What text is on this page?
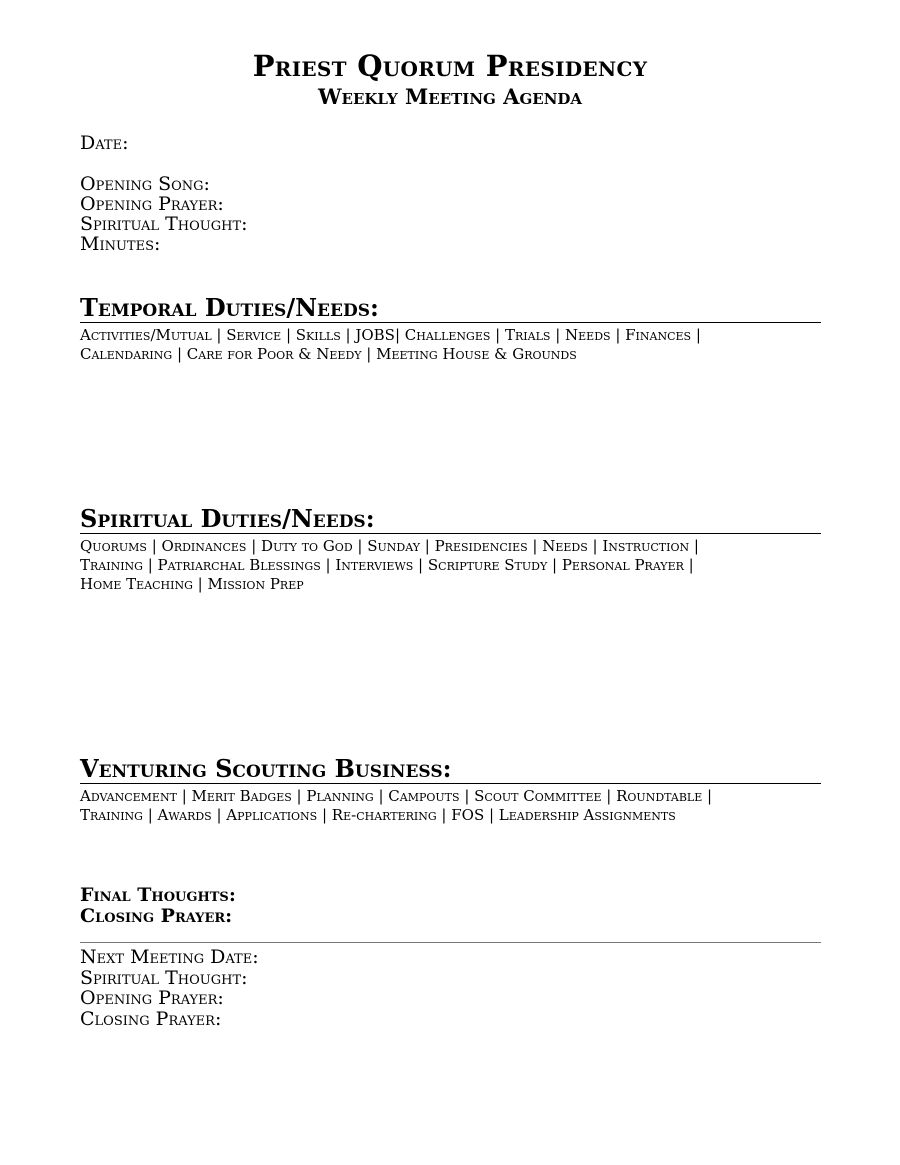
Priest Quorum Presidency
Weekly Meeting Agenda
Date:
Opening Song:
Opening Prayer:
Spiritual Thought:
Minutes:
Temporal Duties/Needs:
Activities/Mutual | Service | Skills | JOBS| Challenges | Trials | Needs | Finances |
Calendaring | Care for Poor & Needy | Meeting House & Grounds
Spiritual Duties/Needs:
Quorums | Ordinances | Duty to God | Sunday | Presidencies | Needs | Instruction |
Training | Patriarchal Blessings | Interviews | Scripture Study | Personal Prayer |
Home Teaching | Mission Prep
Venturing Scouting Business:
Advancement | Merit Badges | Planning | Campouts | Scout Committee | Roundtable |
Training | Awards | Applications | Re-chartering | FOS | Leadership Assignments
Final Thoughts:
Closing Prayer:
Next Meeting Date:
Spiritual Thought:
Opening Prayer:
Closing Prayer:
